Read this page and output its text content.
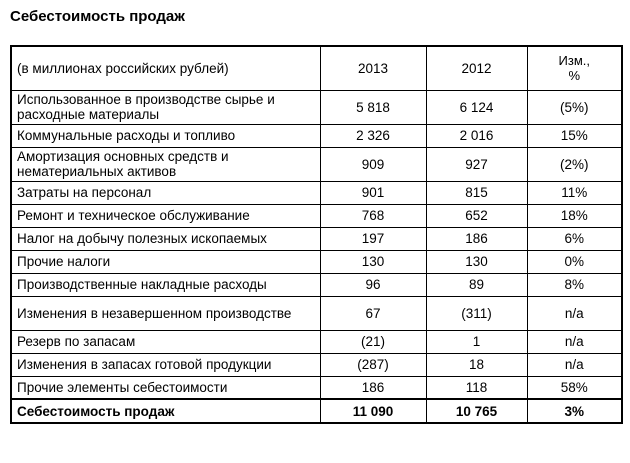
Себестоимость продаж
(в миллионах российских рублей)	2013	2012	Изм.,
%

Использованное в производстве сырье и расходные материалы	5 818	6 124	(5%)
Коммунальные расходы и топливо	2 326	2 016	15%
Амортизация основных средств и нематериальных активов	909	927	(2%)
Затраты на персонал	901	815	11%
Ремонт и техническое обслуживание	768	652	18%
Налог на добычу полезных ископаемых	197	186	6%
Прочие налоги	130	130	0%
Производственные накладные расходы	96	89	8%
Изменения в незавершенном производстве	67	(311)	n/a
Резерв по запасам	(21)	1	n/a
Изменения в запасах готовой продукции	(287)	18	n/a
Прочие элементы себестоимости	186	118	58%
Себестоимость продаж	11 090	10 765	3%
